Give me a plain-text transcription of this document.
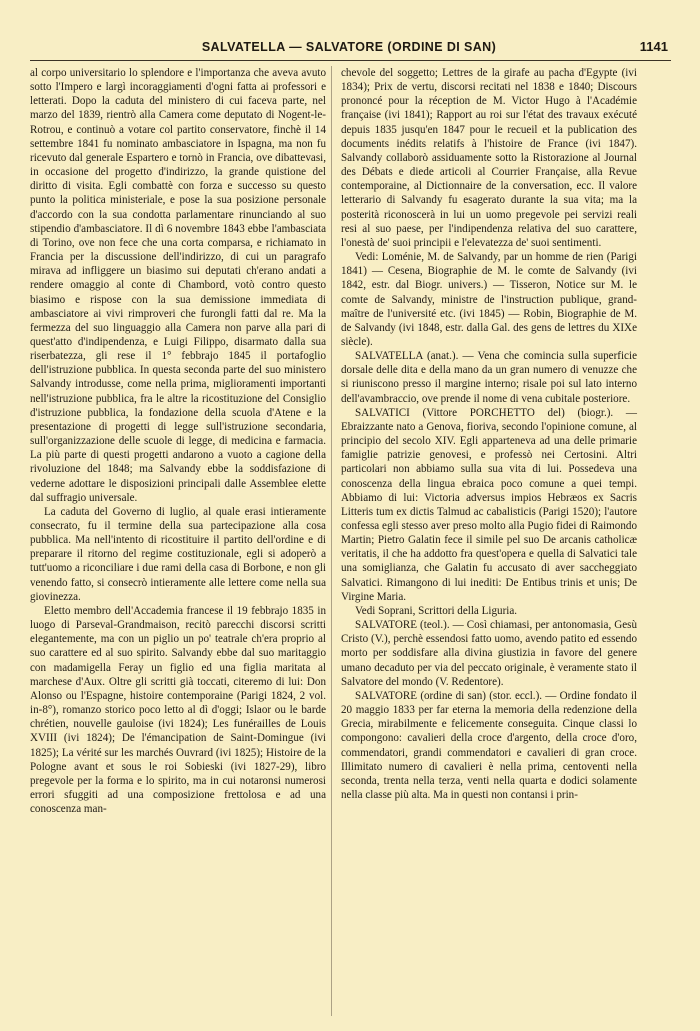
SALVATELLA — SALVATORE (ORDINE DI SAN)	1141

al corpo universitario lo splendore e l'importanza che aveva avuto sotto l'Impero e largì incoraggiamenti d'ogni fatta ai professori e letterati. Dopo la caduta del ministero di cui faceva parte, nel marzo del 1839, rientrò alla Camera come deputato di Nogent-le-Rotrou, e continuò a votare col partito conservatore, finchè il 14 settembre 1841 fu nominato ambasciatore in Ispagna, ma non fu ricevuto dal generale Espartero e tornò in Francia, ove dibattevasi, in occasione del progetto d'indirizzo, la grande quistione del diritto di visita. Egli combattè con forza e successo su questo punto la politica ministeriale, e pose la sua posizione personale d'accordo con la sua condotta parlamentare rinunciando al suo stipendio d'ambasciatore. Il dì 6 novembre 1843 ebbe l'ambasciata di Torino, ove non fece che una corta comparsa, e richiamato in Francia per la discussione dell'indirizzo, di cui un paragrafo mirava ad infliggere un biasimo sui deputati ch'erano andati a rendere omaggio al conte di Chambord, votò contro questo biasimo e rispose con la sua demissione immediata di ambasciatore ai vivi rimproveri che furongli fatti dal re. Ma la fermezza del suo linguaggio alla Camera non parve alla pari di quest'atto d'indipendenza, e Luigi Filippo, disarmato dalla sua riserbatezza, gli rese il 1° febbrajo 1845 il portafoglio dell'istruzione pubblica. In questa seconda parte del suo ministero Salvandy introdusse, come nella prima, miglioramenti importanti nell'istruzione pubblica, fra le altre la ricostituzione del Consiglio d'istruzione pubblica, la fondazione della scuola d'Atene e la presentazione di progetti di legge sull'istruzione secondaria, sull'organizzazione delle scuole di legge, di medicina e farmacia. La più parte di questi progetti andarono a vuoto a cagione della rivoluzione del 1848; ma Salvandy ebbe la soddisfazione di vederne adottare le disposizioni principali dalle Assemblee elette dal suffragio universale.

La caduta del Governo di luglio, al quale erasi intieramente consecrato, fu il termine della sua partecipazione alla cosa pubblica. Ma nell'intento di ricostituire il partito dell'ordine e di preparare il ritorno del regime costituzionale, egli si adoperò a tutt'uomo a riconciliare i due rami della casa di Borbone, e non gli venendo fatto, si consecrò intieramente alle lettere come nella sua giovinezza.

Eletto membro dell'Accademia francese il 19 febbrajo 1835 in luogo di Parseval-Grandmaison, recitò parecchi discorsi scritti elegantemente, ma con un piglio un po' teatrale ch'era proprio al suo carattere ed al suo spirito. Salvandy ebbe dal suo maritaggio con madamigella Feray un figlio ed una figlia maritata al marchese d'Aux. Oltre gli scritti già toccati, citeremo di lui: Don Alonso ou l'Espagne, histoire contemporaine (Parigi 1824, 2 vol. in-8°), romanzo storico poco letto al dì d'oggi; Islaor ou le barde chrétien, nouvelle gauloise (ivi 1824); Les funérailles de Louis XVIII (ivi 1824); De l'émancipation de Saint-Domingue (ivi 1825); La vérité sur les marchés Ouvrard (ivi 1825); Histoire de la Pologne avant et sous le roi Sobieski (ivi 1827-29), libro pregevole per la forma e lo spirito, ma in cui notaronsi numerosi errori sfuggiti ad una composizione frettolosa e ad una conoscenza man-

chevole del soggetto; Lettres de la girafe au pacha d'Egypte (ivi 1834); Prix de vertu, discorsi recitati nel 1838 e 1840; Discours prononcé pour la réception de M. Victor Hugo à l'Académie française (ivi 1841); Rapport au roi sur l'état des travaux exécuté depuis 1835 jusqu'en 1847 pour le recueil et la publication des documents inédits relatifs à l'histoire de France (ivi 1847). Salvandy collaborò assiduamente sotto la Ristorazione al Journal des Débats e diede articoli al Courrier Française, alla Revue contemporaine, al Dictionnaire de la conversation, ecc. Il valore letterario di Salvandy fu esagerato durante la sua vita; ma la posterità riconoscerà in lui un uomo pregevole pei servizi reali resi al suo paese, per l'indipendenza relativa del suo carattere, l'onestà de' suoi principii e l'elevatezza de' suoi sentimenti.

Vedi: Loménie, M. de Salvandy, par un homme de rien (Parigi 1841) — Cesena, Biographie de M. le comte de Salvandy (ivi 1842, estr. dal Biogr. univers.) — Tisseron, Notice sur M. le comte de Salvandy, ministre de l'instruction publique, grand-maître de l'université etc. (ivi 1845) — Robin, Biographie de M. de Salvandy (ivi 1848, estr. dalla Gal. des gens de lettres du XIXe siècle).

SALVATELLA (anat.). — Vena che comincia sulla superficie dorsale delle dita e della mano da un gran numero di venuzze che si riuniscono presso il margine interno; risale poi sul lato interno dell'avambraccio, ove prende il nome di vena cubitale posteriore.

SALVATICI (Vittore PORCHETTO del) (biogr.). — Ebraizzante nato a Genova, fioriva, secondo l'opinione comune, al principio del secolo XIV. Egli apparteneva ad una delle primarie famiglie patrizie genovesi, e professò nei Certosini. Altri particolari non abbiamo sulla sua vita di lui. Possedeva una conoscenza della lingua ebraica poco comune a quei tempi. Abbiamo di lui: Victoria adversus impios Hebræos ex Sacris Litteris tum ex dictis Talmud ac cabalisticis (Parigi 1520); l'autore confessa egli stesso aver preso molto alla Pugio fidei di Raimondo Martin; Pietro Galatin fece il simile pel suo De arcanis catholicæ veritatis, il che ha addotto fra quest'opera e quella di Salvatici tale una somiglianza, che Galatin fu accusato di aver saccheggiato Salvatici. Rimangono di lui inediti: De Entibus trinis et unis; De Virgine Maria.

Vedi Soprani, Scrittori della Liguria.

SALVATORE (teol.). — Così chiamasi, per antonomasia, Gesù Cristo (V.), perchè essendosi fatto uomo, avendo patito ed essendo morto per soddisfare alla divina giustizia in favore del genere umano decaduto per via del peccato originale, è veramente stato il Salvatore del mondo (V. Redentore).

SALVATORE (ordine di san) (stor. eccl.). — Ordine fondato il 20 maggio 1833 per far eterna la memoria della redenzione della Grecia, mirabilmente e felicemente conseguita. Cinque classi lo compongono: cavalieri della croce d'argento, della croce d'oro, commendatori, grandi commendatori e cavalieri di gran croce. Illimitato numero di cavalieri è nella prima, centoventi nella seconda, trenta nella terza, venti nella quarta e dodici solamente nella classe più alta. Ma in questi non contansi i prin-
